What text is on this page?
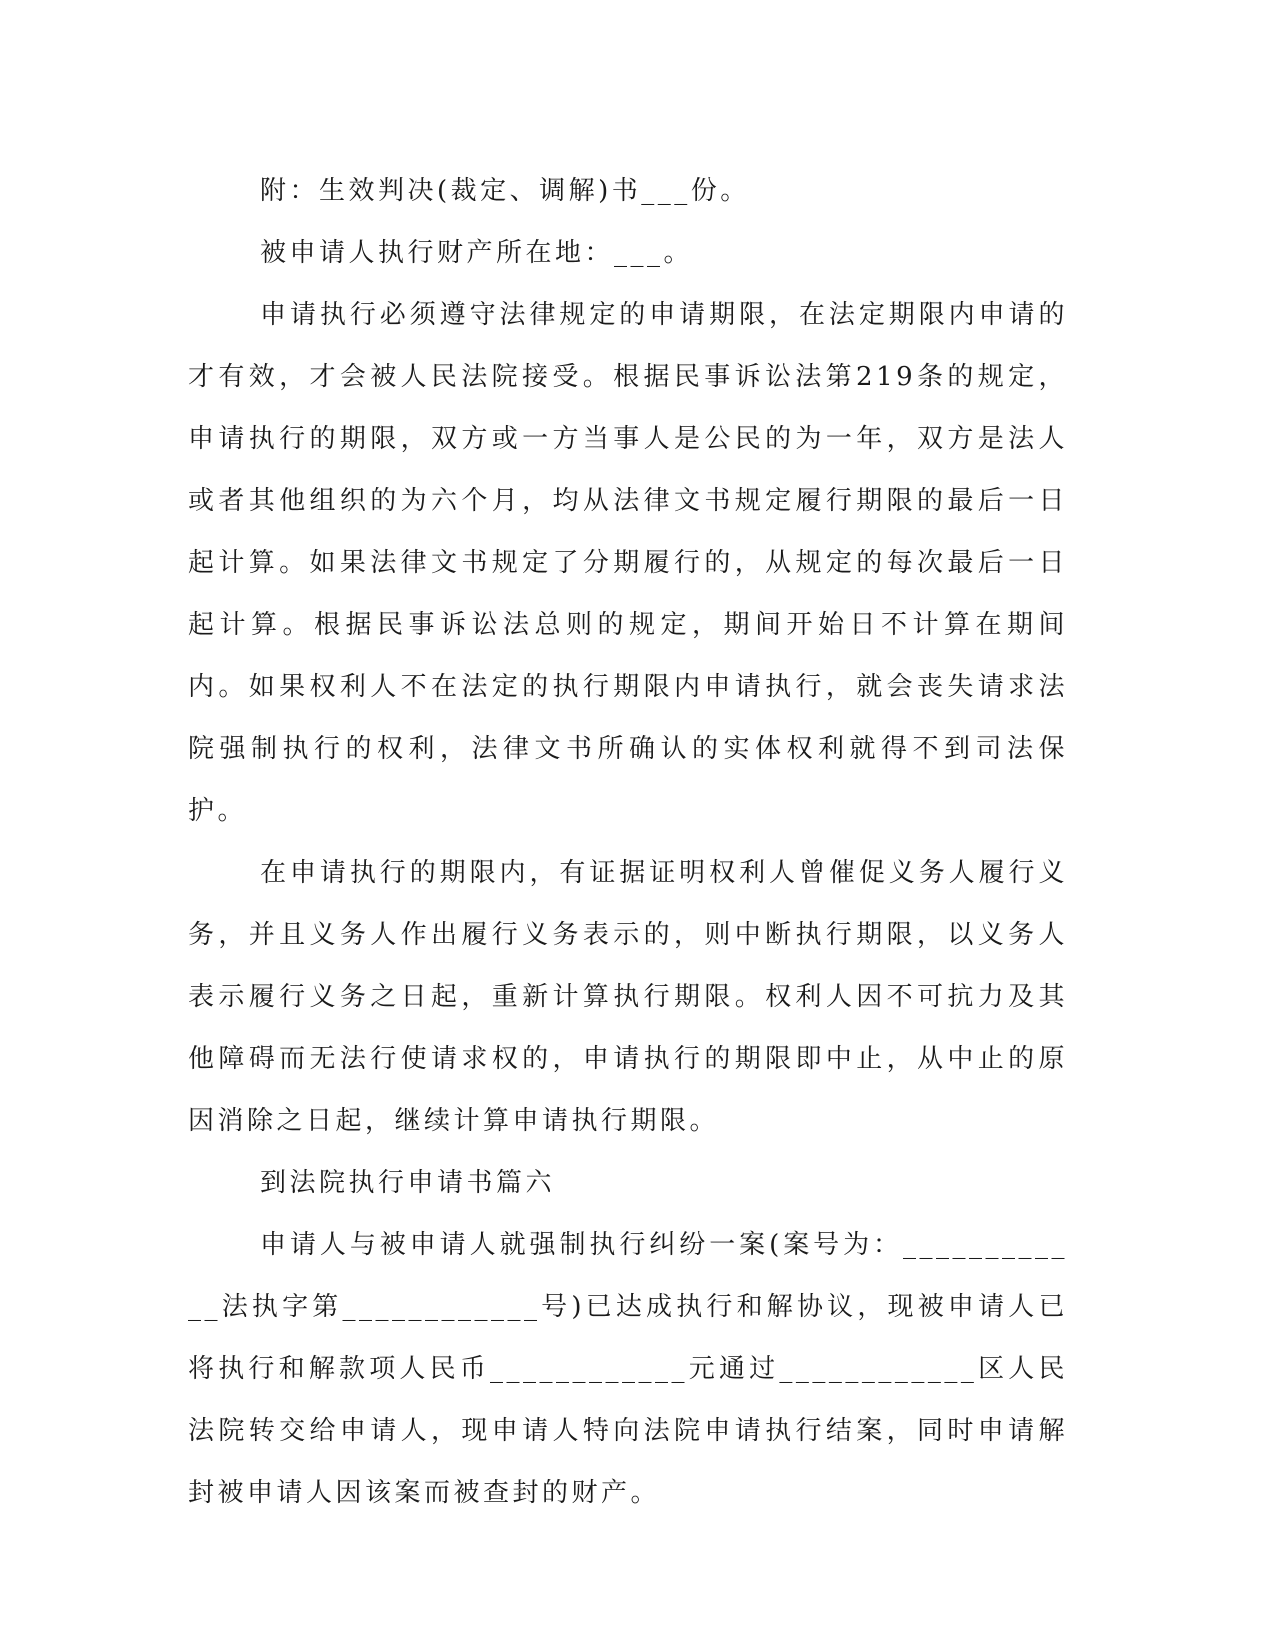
附：生效判决(裁定、调解)书___份。

被申请人执行财产所在地：___。

申请执行必须遵守法律规定的申请期限，在法定期限内申请的才有效，才会被人民法院接受。根据民事诉讼法第219条的规定，申请执行的期限，双方或一方当事人是公民的为一年，双方是法人或者其他组织的为六个月，均从法律文书规定履行期限的最后一日起计算。如果法律文书规定了分期履行的，从规定的每次最后一日起计算。根据民事诉讼法总则的规定，期间开始日不计算在期间内。如果权利人不在法定的执行期限内申请执行，就会丧失请求法院强制执行的权利，法律文书所确认的实体权利就得不到司法保护。

在申请执行的期限内，有证据证明权利人曾催促义务人履行义务，并且义务人作出履行义务表示的，则中断执行期限，以义务人表示履行义务之日起，重新计算执行期限。权利人因不可抗力及其他障碍而无法行使请求权的，申请执行的期限即中止，从中止的原因消除之日起，继续计算申请执行期限。

到法院执行申请书篇六

申请人与被申请人就强制执行纠纷一案(案号为：____________法执字第____________号)已达成执行和解协议，现被申请人已将执行和解款项人民币____________元通过____________区人民法院转交给申请人，现申请人特向法院申请执行结案，同时申请解封被申请人因该案而被查封的财产。
